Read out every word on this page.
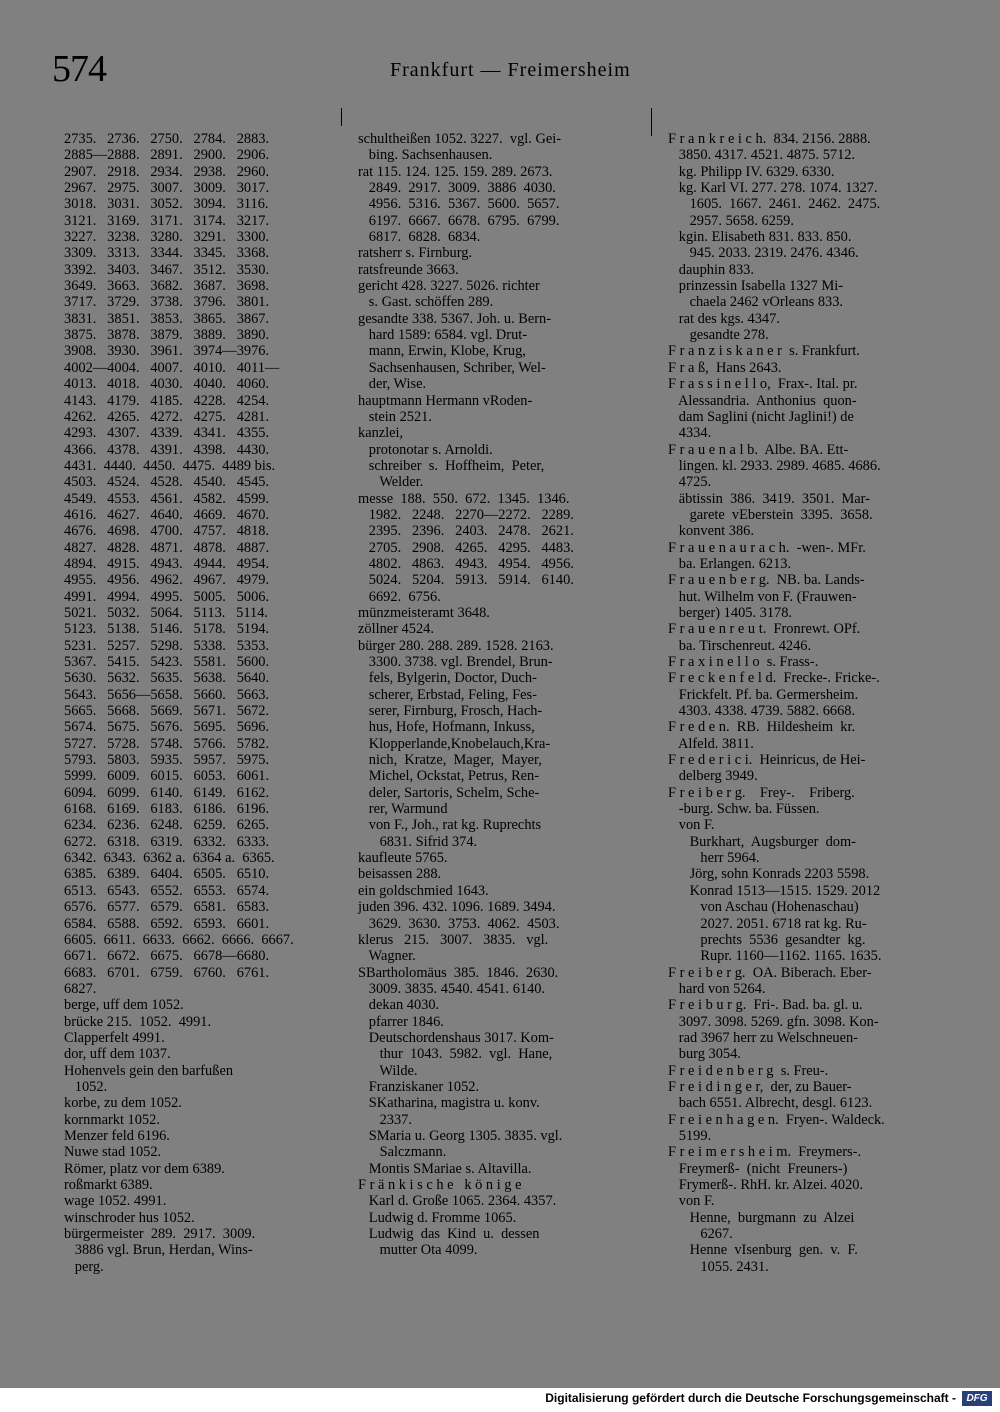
574	Frankfurt — Freimersheim
2735.   2736.   2750.   2784.   2883.
2885—2888.   2891.   2900.   2906.
2907.   2918.   2934.   2938.   2960.
2967.   2975.   3007.   3009.   3017.
3018.   3031.   3052.   3094.   3116.
3121.   3169.   3171.   3174.   3217.
3227.   3238.   3280.   3291.   3300.
3309.   3313.   3344.   3345.   3368.
3392.   3403.   3467.   3512.   3530.
3649.   3663.   3682.   3687.   3698.
3717.   3729.   3738.   3796.   3801.
3831.   3851.   3853.   3865.   3867.
3875.   3878.   3879.   3889.   3890.
3908.   3930.   3961.   3974—3976.
4002—4004.   4007.   4010.   4011—
4013.   4018.   4030.   4040.   4060.
4143.   4179.   4185.   4228.   4254.
4262.   4265.   4272.   4275.   4281.
4293.   4307.   4339.   4341.   4355.
4366.   4378.   4391.   4398.   4430.
4431.  4440.  4450.  4475.  4489 bis.
4503.   4524.   4528.   4540.   4545.
4549.   4553.   4561.   4582.   4599.
4616.   4627.   4640.   4669.   4670.
4676.   4698.   4700.   4757.   4818.
4827.   4828.   4871.   4878.   4887.
4894.   4915.   4943.   4944.   4954.
4955.   4956.   4962.   4967.   4979.
4991.   4994.   4995.   5005.   5006.
5021.   5032.   5064.   5113.   5114.
5123.   5138.   5146.   5178.   5194.
5231.   5257.   5298.   5338.   5353.
5367.   5415.   5423.   5581.   5600.
5630.   5632.   5635.   5638.   5640.
5643.   5656—5658.   5660.   5663.
5665.   5668.   5669.   5671.   5672.
5674.   5675.   5676.   5695.   5696.
5727.   5728.   5748.   5766.   5782.
5793.   5803.   5935.   5957.   5975.
5999.   6009.   6015.   6053.   6061.
6094.   6099.   6140.   6149.   6162.
6168.   6169.   6183.   6186.   6196.
6234.   6236.   6248.   6259.   6265.
6272.   6318.   6319.   6332.   6333.
6342.  6343.  6362 a.  6364 a.  6365.
6385.   6389.   6404.   6505.   6510.
6513.   6543.   6552.   6553.   6574.
6576.   6577.   6579.   6581.   6583.
6584.   6588.   6592.   6593.   6601.
6605.  6611.  6633.  6662.  6666.  6667.
6671.   6672.   6675.   6678—6680.
6683.   6701.   6759.   6760.   6761.
6827.
berge, uff dem 1052.
brücke 215.  1052.  4991.
Clapperfelt 4991.
dor, uff dem 1037.
Hohenvels gein den barfußen
1052.
korbe, zu dem 1052.
kornmarkt 1052.
Menzer feld 6196.
Nuwe stad 1052.
Römer, platz vor dem 6389.
roßmarkt 6389.
wage 1052. 4991.
winschroder hus 1052.
bürgermeister  289.  2917.  3009.
3886 vgl. Brun, Herdan, Wins-
perg.
schultheißen 1052. 3227.  vgl. Gei-
bing. Sachsenhausen.
rat 115. 124. 125. 159. 289. 2673.
2849.  2917.  3009.  3886  4030.
4956.  5316.  5367.  5600.  5657.
6197.  6667.  6678.  6795.  6799.
6817.  6828.  6834.
ratsherr s. Firnburg.
ratsfreunde 3663.
gericht 428. 3227. 5026. richter
s. Gast. schöffen 289.
gesandte 338. 5367. Joh. u. Bern-
hard 1589: 6584. vgl. Drut-
mann, Erwin, Klobe, Krug,
Sachsenhausen, Schriber, Wel-
der, Wise.
hauptmann Hermann vRoden-
stein 2521.
kanzlei,
protonotar s. Arnoldi.
schreiber  s.  Hoffheim,  Peter,
Welder.
messe  188.  550.  672.  1345.  1346.
1982.   2248.   2270—2272.   2289.
2395.   2396.   2403.   2478.   2621.
2705.   2908.   4265.   4295.   4483.
4802.   4863.   4943.   4954.   4956.
5024.   5204.   5913.   5914.   6140.
6692.  6756.
münzmeisteramt 3648.
zöllner 4524.
bürger 280. 288. 289. 1528. 2163.
3300. 3738. vgl. Brendel, Brun-
fels, Bylgerin, Doctor, Duch-
scherer, Erbstad, Feling, Fes-
serer, Firnburg, Frosch, Hach-
hus, Hofe, Hofmann, Inkuss,
Klopperlande,Knobelauch,Kra-
nich,  Kratze,  Mager,  Mayer,
Michel, Ockstat, Petrus, Ren-
deler, Sartoris, Schelm, Sche-
rer, Warmund
von F., Joh., rat kg. Ruprechts
6831. Sifrid 374.
kaufleute 5765.
beisassen 288.
ein goldschmied 1643.
juden 396. 432. 1096. 1689. 3494.
3629.  3630.  3753.  4062.  4503.
klerus   215.   3007.   3835.   vgl.
Wagner.
SBartholomäus  385.  1846.  2630.
3009. 3835. 4540. 4541. 6140.
dekan 4030.
pfarrer 1846.
Deutschordenshaus 3017. Kom-
thur  1043.  5982.  vgl.  Hane,
Wilde.
Franziskaner 1052.
SKatharina, magistra u. konv.
2337.
SMaria u. Georg 1305. 3835. vgl.
Salczmann.
Montis SMariae s. Altavilla.
F r ä n k i s c h e   k ö n i g e
Karl d. Große 1065. 2364. 4357.
Ludwig d. Fromme 1065.
Ludwig  das  Kind  u.  dessen
mutter Ota 4099.
F r a n k r e i c h.  834. 2156. 2888.
3850. 4317. 4521. 4875. 5712.
kg. Philipp IV. 6329. 6330.
kg. Karl VI. 277. 278. 1074. 1327.
1605.  1667.  2461.  2462.  2475.
2957. 5658. 6259.
kgin. Elisabeth 831. 833. 850.
945. 2033. 2319. 2476. 4346.
dauphin 833.
prinzessin Isabella 1327 Mi-
chaela 2462 vOrleans 833.
rat des kgs. 4347.
gesandte 278.
F r a n z i s k a n e r  s. Frankfurt.
F r a ß,  Hans 2643.
F r a s s i n e l l o,  Frax-. Ital. pr.
Alessandria.  Anthonius  quon-
dam Saglini (nicht Jaglini!) de
4334.
F r a u e n a l b.  Albe. BA. Ett-
lingen. kl. 2933. 2989. 4685. 4686.
4725.
äbtissin  386.  3419.  3501.  Mar-
garete  vEberstein  3395.  3658.
konvent 386.
F r a u e n a u r a c h.  -wen-. MFr.
ba. Erlangen. 6213.
F r a u e n b e r g.  NB. ba. Lands-
hut. Wilhelm von F. (Frauwen-
berger) 1405. 3178.
F r a u e n r e u t.  Fronrewt. OPf.
ba. Tirschenreut. 4246.
F r a x i n e l l o  s. Frass-.
F r e c k e n f e l d.  Frecke-. Fricke-.
Frickfelt. Pf. ba. Germersheim.
4303. 4338. 4739. 5882. 6668.
F r e d e n.  RB.  Hildesheim  kr.
Alfeld. 3811.
F r e d e r i c i.  Heinricus, de Hei-
delberg 3949.
F r e i b e r g.    Frey-.    Friberg.
-burg. Schw. ba. Füssen.
von F.
Burkhart,  Augsburger  dom-
herr 5964.
Jörg, sohn Konrads 2203 5598.
Konrad 1513—1515. 1529. 2012
von Aschau (Hohenaschau)
2027. 2051. 6718 rat kg. Ru-
prechts  5536  gesandter  kg.
Rupr. 1160—1162. 1165. 1635.
F r e i b e r g.  OA. Biberach. Eber-
hard von 5264.
F r e i b u r g.  Fri-. Bad. ba. gl. u.
3097. 3098. 5269. gfn. 3098. Kon-
rad 3967 herr zu Welschneuen-
burg 3054.
F r e i d e n b e r g  s. Freu-.
F r e i d i n g e r,  der, zu Bauer-
bach 6551. Albrecht, desgl. 6123.
F r e i e n h a g e n.  Fryen-. Waldeck.
5199.
F r e i m e r s h e i m.  Freymers-.
Freymerß-  (nicht  Freuners-)
Frymerß-. RhH. kr. Alzei. 4020.
von F.
Henne,  burgmann  zu  Alzei
6267.
Henne  vIsenburg  gen.  v.  F.
1055. 2431.
Digitalisierung gefördert durch die Deutsche Forschungsgemeinschaft -	DFG
